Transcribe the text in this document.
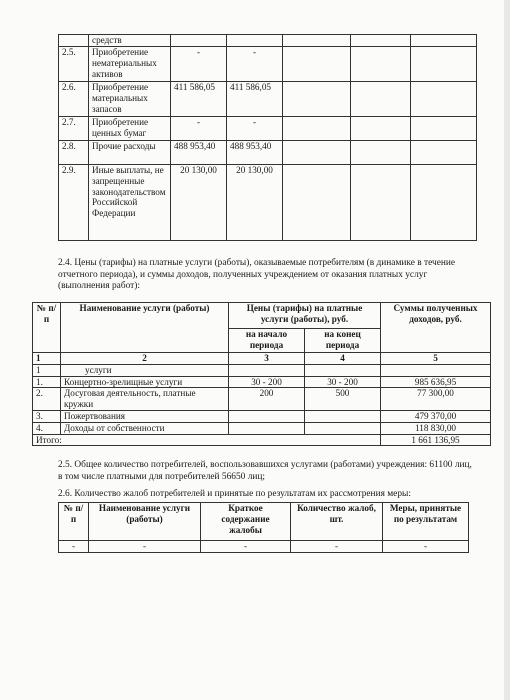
	средств					
2.5.	Приобретение нематериальных активов	-	-			
2.6.	Приобретение материальных запасов	411 586,05	411 586,05			
2.7.	Приобретение ценных бумаг	-	-			
2.8.	Прочие расходы	488 953,40	488 953,40			
2.9.	Иные выплаты, не запрещенные законодательством Российской Федерации	20 130,00	20 130,00			
2.4. Цены (тарифы) на платные услуги (работы), оказываемые потребителям (в динамике в течение отчетного периода), и суммы доходов, полученных учреждением от оказания платных услуг (выполнения работ):
№ п/п	Наименование услуги (работы)	Цены (тарифы) на платные услуги (работы), руб.		Суммы полученных доходов, руб.
		на начало периода	на конец периода	
1	2	3	4	5
1	услуги			
1.	Концертно-зрелищные услуги	30 - 200	30 - 200	985 636,95
2.	Досуговая деятельность, платные кружки	200	500	77 300,00
3.	Пожертвования			479 370,00
4.	Доходы от собственности			118 830,00
Итого:				1 661 136,95
2.5. Общее количество потребителей, воспользовавшихся услугами (работами) учреждения: 61100 лиц, в том числе платными для потребителей 56650 лиц;
2.6. Количество жалоб потребителей и принятые по результатам их рассмотрения меры:
№ п/п	Наименование услуги (работы)	Краткое содержание жалобы	Количество жалоб, шт.	Меры, принятые по результатам
-	-	-	-	-
